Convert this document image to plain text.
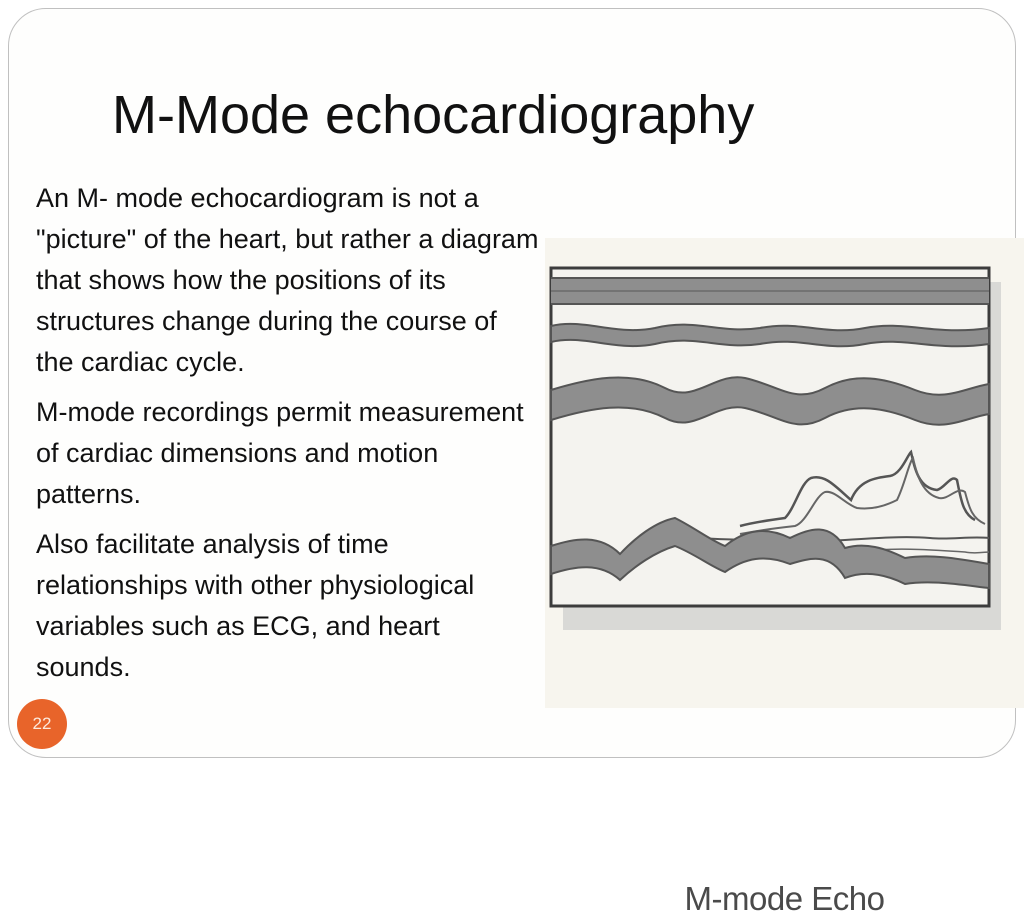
M-Mode echocardiography

An M- mode echocardiogram is not a "picture" of the heart, but rather a diagram that shows how the positions of its structures change during the course of the cardiac cycle.

M-mode recordings permit measurement of cardiac dimensions and motion patterns.

Also facilitate analysis of time relationships with other physiological variables such as ECG, and heart sounds.

M-mode Echo
22
